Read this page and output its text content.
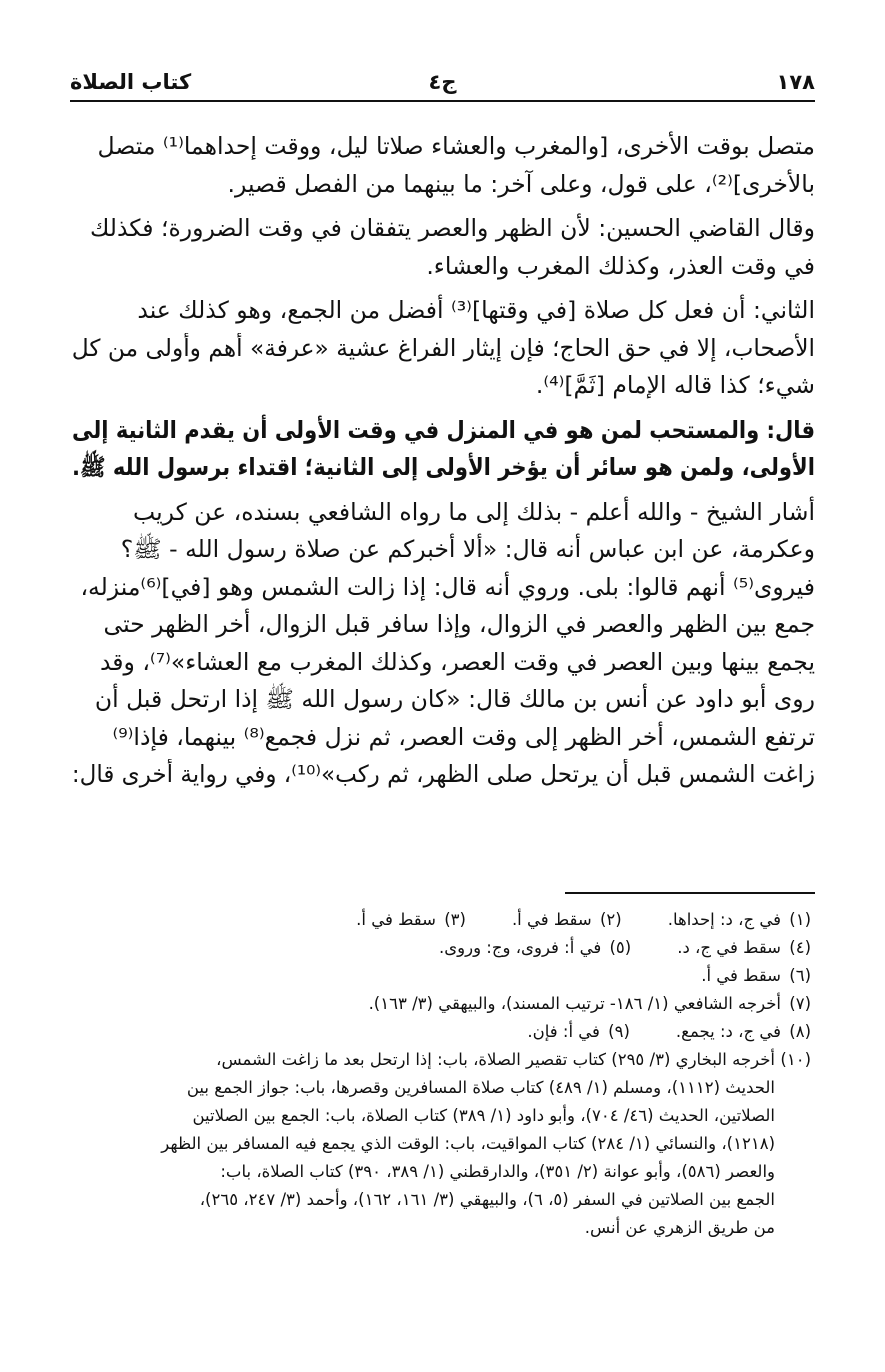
١٧٨
ج٤
كتاب الصلاة
متصل بوقت الأخرى، [والمغرب والعشاء صلاتا ليل، ووقت إحداهما⁽¹⁾ متصل
بالأخرى]⁽²⁾، على قول، وعلى آخر: ما بينهما من الفصل قصير.
وقال القاضي الحسين: لأن الظهر والعصر يتفقان في وقت الضرورة؛ فكذلك
في وقت العذر، وكذلك المغرب والعشاء.
الثاني: أن فعل كل صلاة [في وقتها]⁽³⁾ أفضل من الجمع، وهو كذلك عند
الأصحاب، إلا في حق الحاج؛ فإن إيثار الفراغ عشية «عرفة» أهم وأولى من كل
شيء؛ كذا قاله الإمام [ثَمَّ]⁽⁴⁾.
قال: والمستحب لمن هو في المنزل في وقت الأولى أن يقدم الثانية إلى
الأولى، ولمن هو سائر أن يؤخر الأولى إلى الثانية؛ اقتداء برسول الله ﷺ.
أشار الشيخ - والله أعلم - بذلك إلى ما رواه الشافعي بسنده، عن كريب
وعكرمة، عن ابن عباس أنه قال: «ألا أخبركم عن صلاة رسول الله - ﷺ؟
فيروى⁽⁵⁾ أنهم قالوا: بلى. وروي أنه قال: إذا زالت الشمس وهو [في]⁽⁶⁾منزله،
جمع بين الظهر والعصر في الزوال، وإذا سافر قبل الزوال، أخر الظهر حتى
يجمع بينها وبين العصر في وقت العصر، وكذلك المغرب مع العشاء»⁽⁷⁾، وقد
روى أبو داود عن أنس بن مالك قال: «كان رسول الله ﷺ إذا ارتحل قبل أن
ترتفع الشمس، أخر الظهر إلى وقت العصر، ثم نزل فجمع⁽⁸⁾ بينهما، فإذا⁽⁹⁾
زاغت الشمس قبل أن يرتحل صلى الظهر، ثم ركب»⁽¹⁰⁾، وفي رواية أخرى قال:
(١)
في ج، د: إحداها.
(٢)
سقط في أ.
(٣)
سقط في أ.
(٤)
سقط في ج، د.
(٥)
في أ: فروى، وج: وروى.
(٦)
سقط في أ.
(٧)
أخرجه الشافعي (١/ ١٨٦- ترتيب المسند)، والبيهقي (٣/ ١٦٣).
(٨)
في ج، د: يجمع.
(٩)
في أ: فإن.
(١٠)
أخرجه البخاري (٣/ ٢٩٥) كتاب تقصير الصلاة، باب: إذا ارتحل بعد ما زاغت الشمس،
الحديث (١١١٢)، ومسلم (١/ ٤٨٩) كتاب صلاة المسافرين وقصرها، باب: جواز الجمع بين
الصلاتين، الحديث (٤٦/ ٧٠٤)، وأبو داود (١/ ٣٨٩) كتاب الصلاة، باب: الجمع بين الصلاتين
(١٢١٨)، والنسائي (١/ ٢٨٤) كتاب المواقيت، باب: الوقت الذي يجمع فيه المسافر بين الظهر
والعصر (٥٨٦)، وأبو عوانة (٢/ ٣٥١)، والدارقطني (١/ ٣٨٩، ٣٩٠) كتاب الصلاة، باب:
الجمع بين الصلاتين في السفر (٥، ٦)، والبيهقي (٣/ ١٦١، ١٦٢)، وأحمد (٣/ ٢٤٧، ٢٦٥)،
من طريق الزهري عن أنس.
